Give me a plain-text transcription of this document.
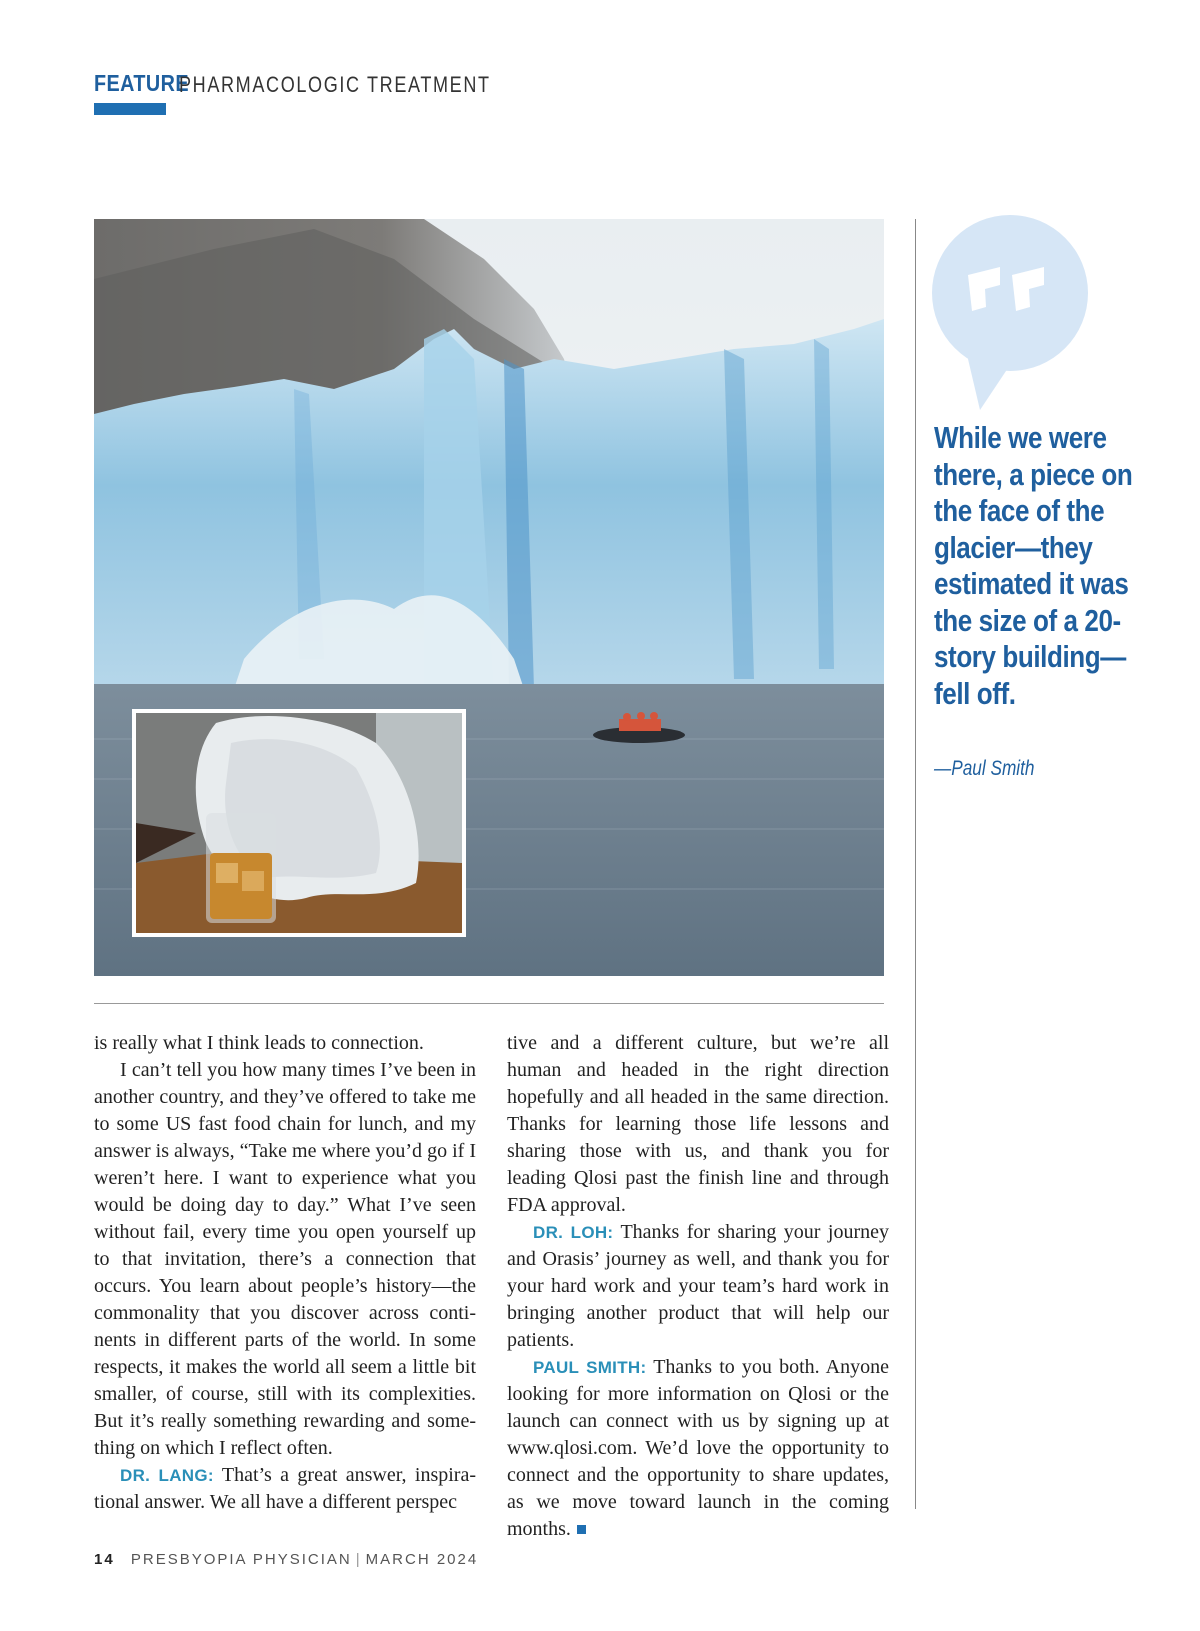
FEATURE
PHARMACOLOGIC TREATMENT
While we were there, a piece on the face of the glacier—they estimated it was the size of a 20-story building—fell off.
—Paul Smith

is really what I think leads to connection.

I can’t tell you how many times I’ve been in another country, and they’ve offered to take me to some US fast food chain for lunch, and my answer is always, “Take me where you’d go if I weren’t here. I want to experience what you would be doing day to day.” What I’ve seen without fail, every time you open yourself up to that invitation, there’s a connection that occurs. You learn about people’s history—the commonality that you discover across continents in different parts of the world. In some respects, it makes the world all seem a little bit smaller, of course, still with its complexities. But it’s really something rewarding and something on which I reflect often.

DR. LANG: That’s a great answer, inspirational answer. We all have a different perspec

tive and a different culture, but we’re all human and headed in the right direction hopefully and all headed in the same direction. Thanks for learning those life lessons and sharing those with us, and thank you for leading Qlosi past the finish line and through FDA approval.

DR. LOH: Thanks for sharing your journey and Orasis’ journey as well, and thank you for your hard work and your team’s hard work in bringing another product that will help our patients.

PAUL SMITH: Thanks to you both. Anyone looking for more information on Qlosi or the launch can connect with us by signing up at www.qlosi.com. We’d love the opportunity to connect and the opportunity to share updates, as we move toward launch in the coming months.

14 PRESBYOPIA PHYSICIAN | MARCH 2024
